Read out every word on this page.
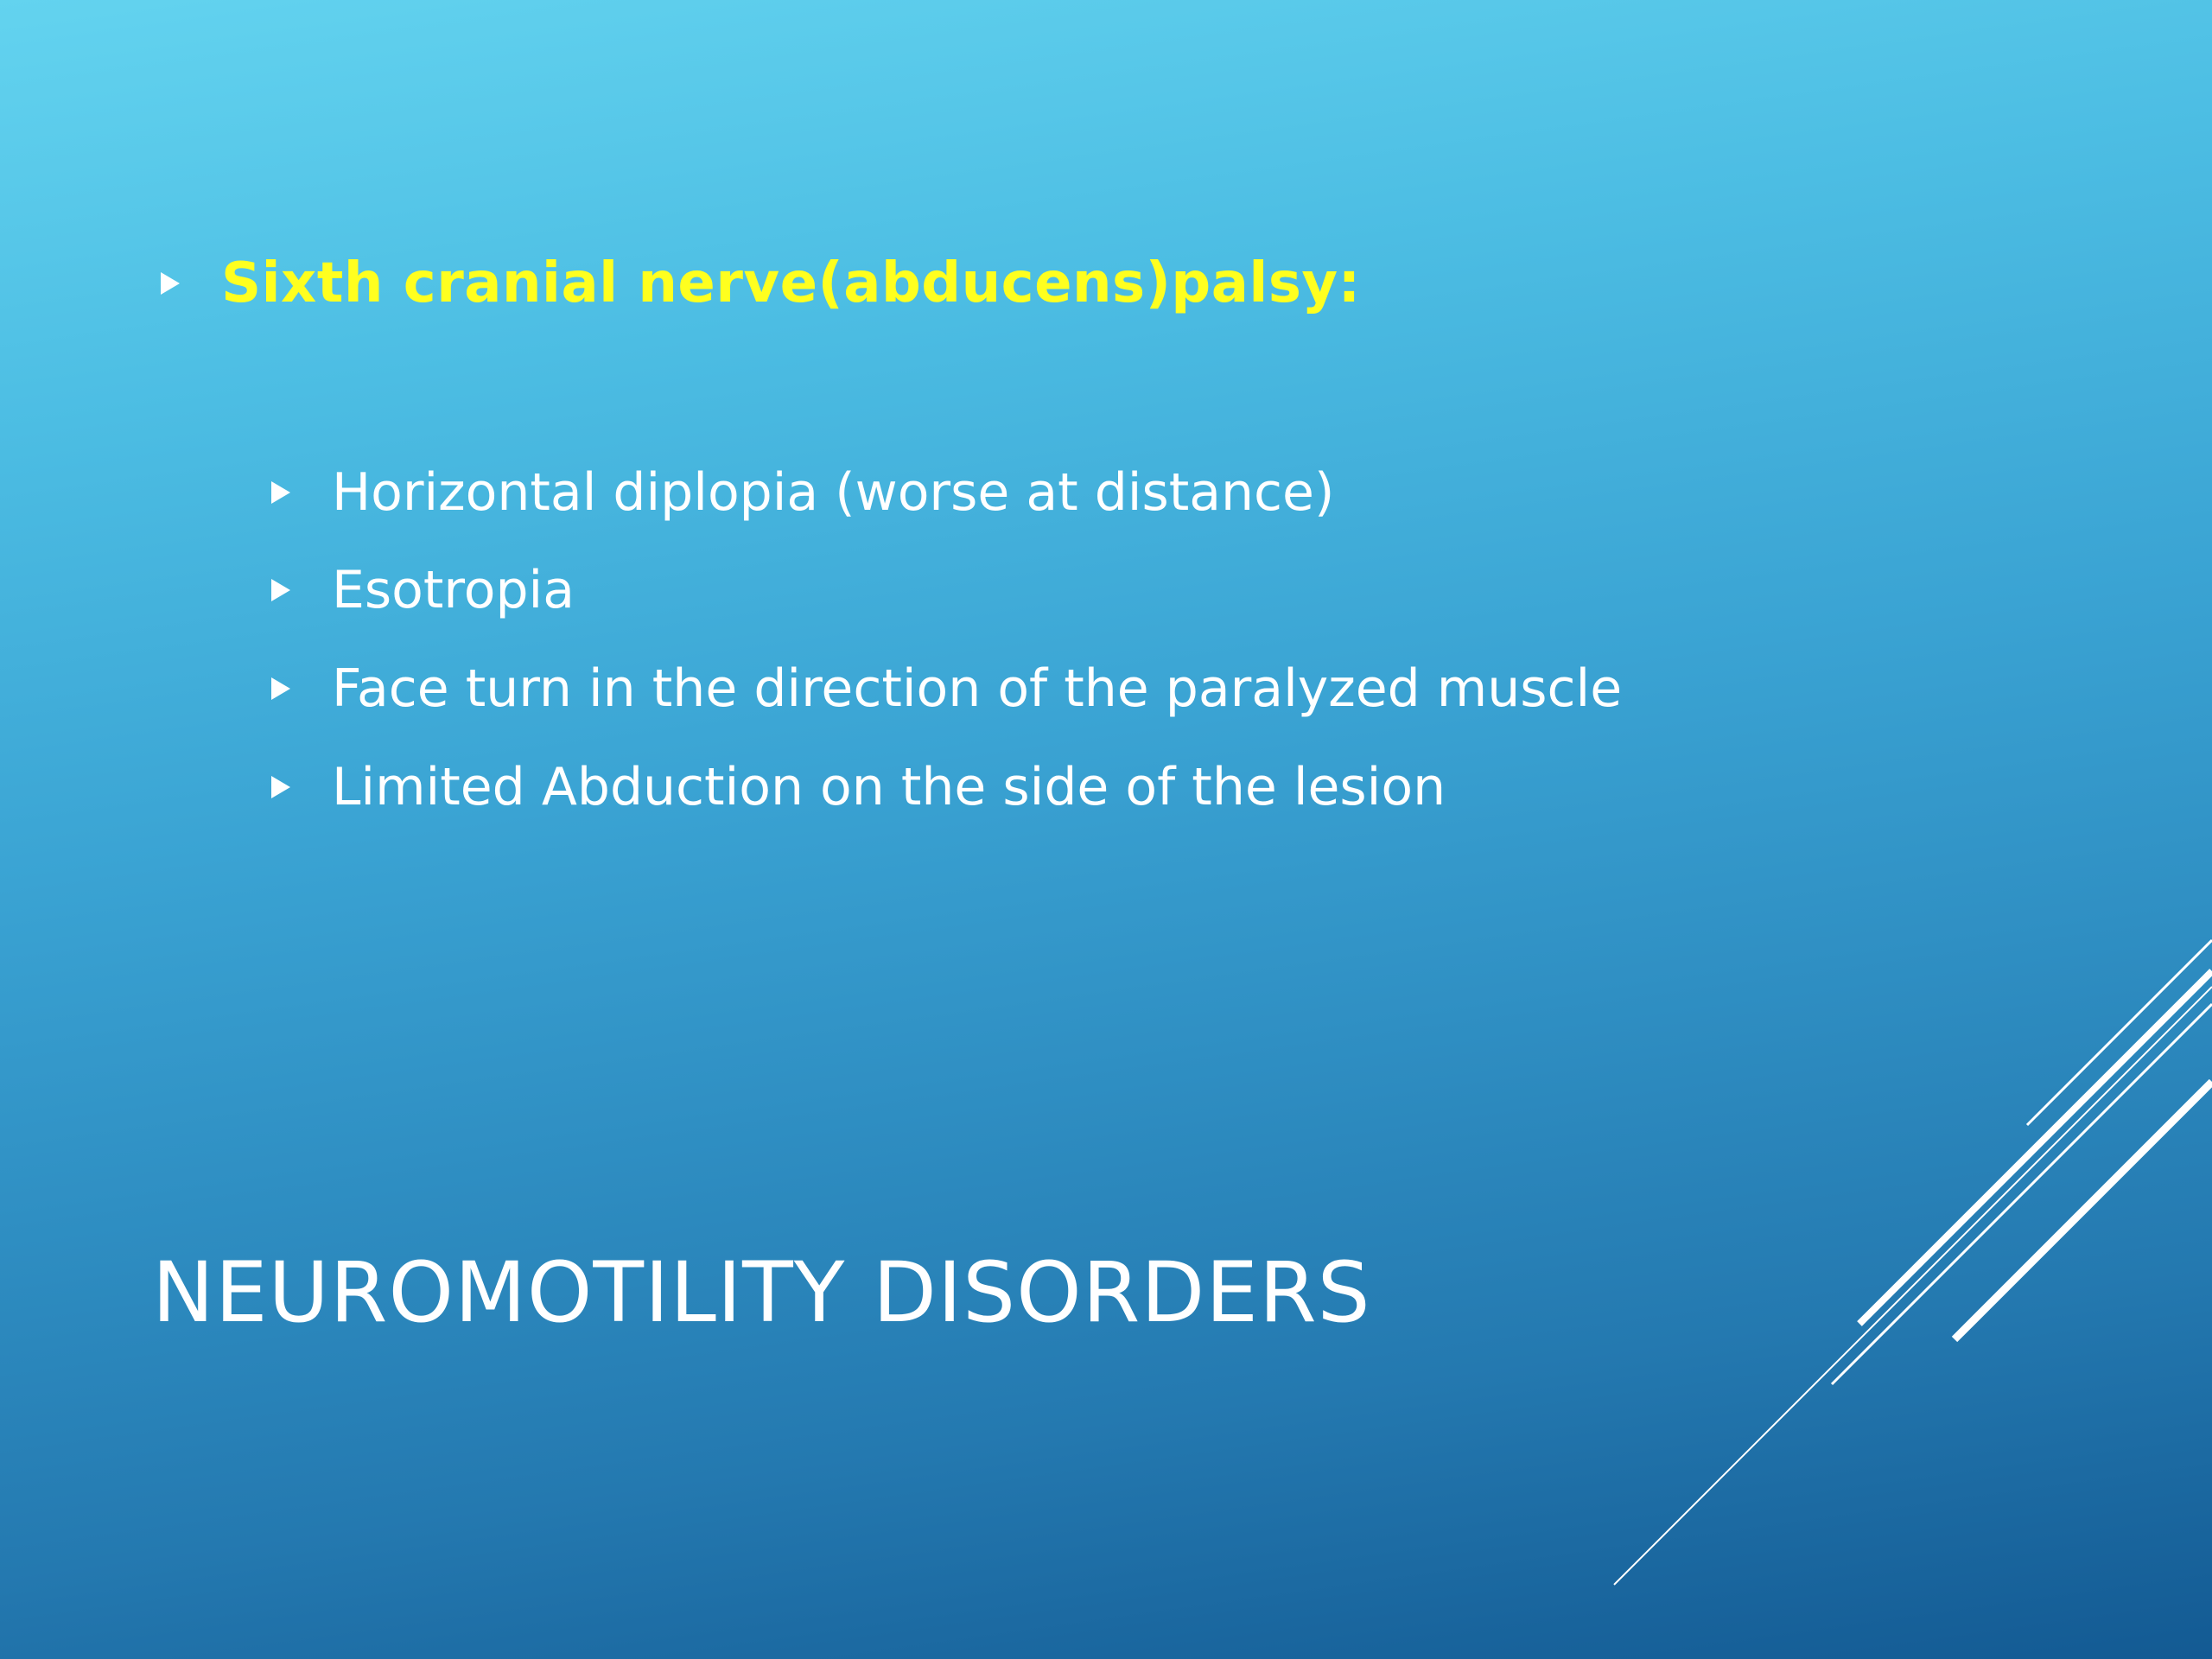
Sixth cranial nerve(abducens)palsy:
Horizontal diplopia (worse at distance)
Esotropia
Face turn in the direction of the paralyzed muscle
Limited Abduction on the side of the lesion
NEUROMOTILITY DISORDERS
